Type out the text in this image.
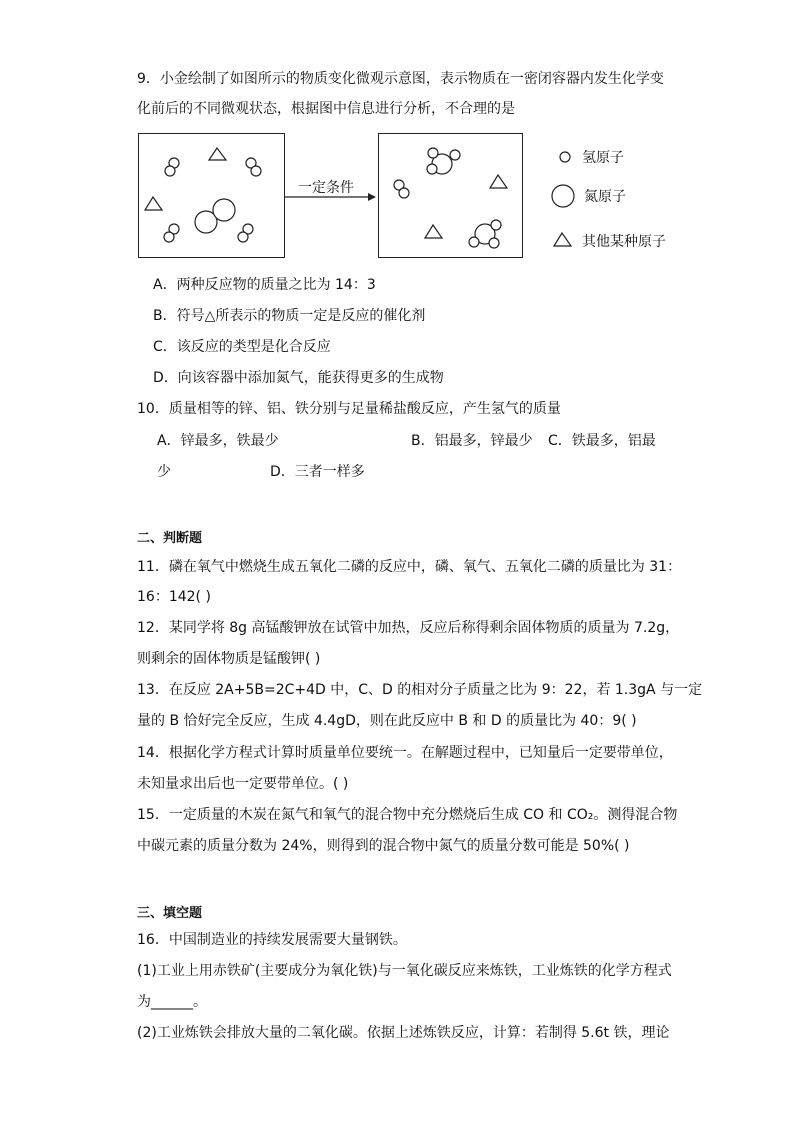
9．小金绘制了如图所示的物质变化微观示意图，表示物质在一密闭容器内发生化学变
化前后的不同微观状态，根据图中信息进行分析，不合理的是
一定条件
氢原子
氮原子
其他某种原子
A．两种反应物的质量之比为 14：3
B．符号△所表示的物质一定是反应的催化剂
C．该反应的类型是化合反应
D．向该容器中添加氮气，能获得更多的生成物
10．质量相等的锌、铝、铁分别与足量稀盐酸反应，产生氢气的质量
A．锌最多，铁最少	B．铝最多，锌最少 C．铁最多，铝最
少	D．三者一样多
二、判断题
11．磷在氧气中燃烧生成五氧化二磷的反应中，磷、氧气、五氧化二磷的质量比为 31：
16：142( )
12．某同学将 8g 高锰酸钾放在试管中加热，反应后称得剩余固体物质的质量为 7.2g，
则剩余的固体物质是锰酸钾( )
13．在反应 2A+5B=2C+4D 中，C、D 的相对分子质量之比为 9：22，若 1.3gA 与一定
量的 B 恰好完全反应，生成 4.4gD，则在此反应中 B 和 D 的质量比为 40：9( )
14．根据化学方程式计算时质量单位要统一。在解题过程中，已知量后一定要带单位，
未知量求出后也一定要带单位。( )
15．一定质量的木炭在氮气和氧气的混合物中充分燃烧后生成 CO 和 CO₂。测得混合物
中碳元素的质量分数为 24%，则得到的混合物中氮气的质量分数可能是 50%( )
三、填空题
16．中国制造业的持续发展需要大量钢铁。
(1)工业上用赤铁矿(主要成分为氧化铁)与一氧化碳反应来炼铁，工业炼铁的化学方程式
为______。
(2)工业炼铁会排放大量的二氧化碳。依据上述炼铁反应，计算：若制得 5.6t 铁，理论
